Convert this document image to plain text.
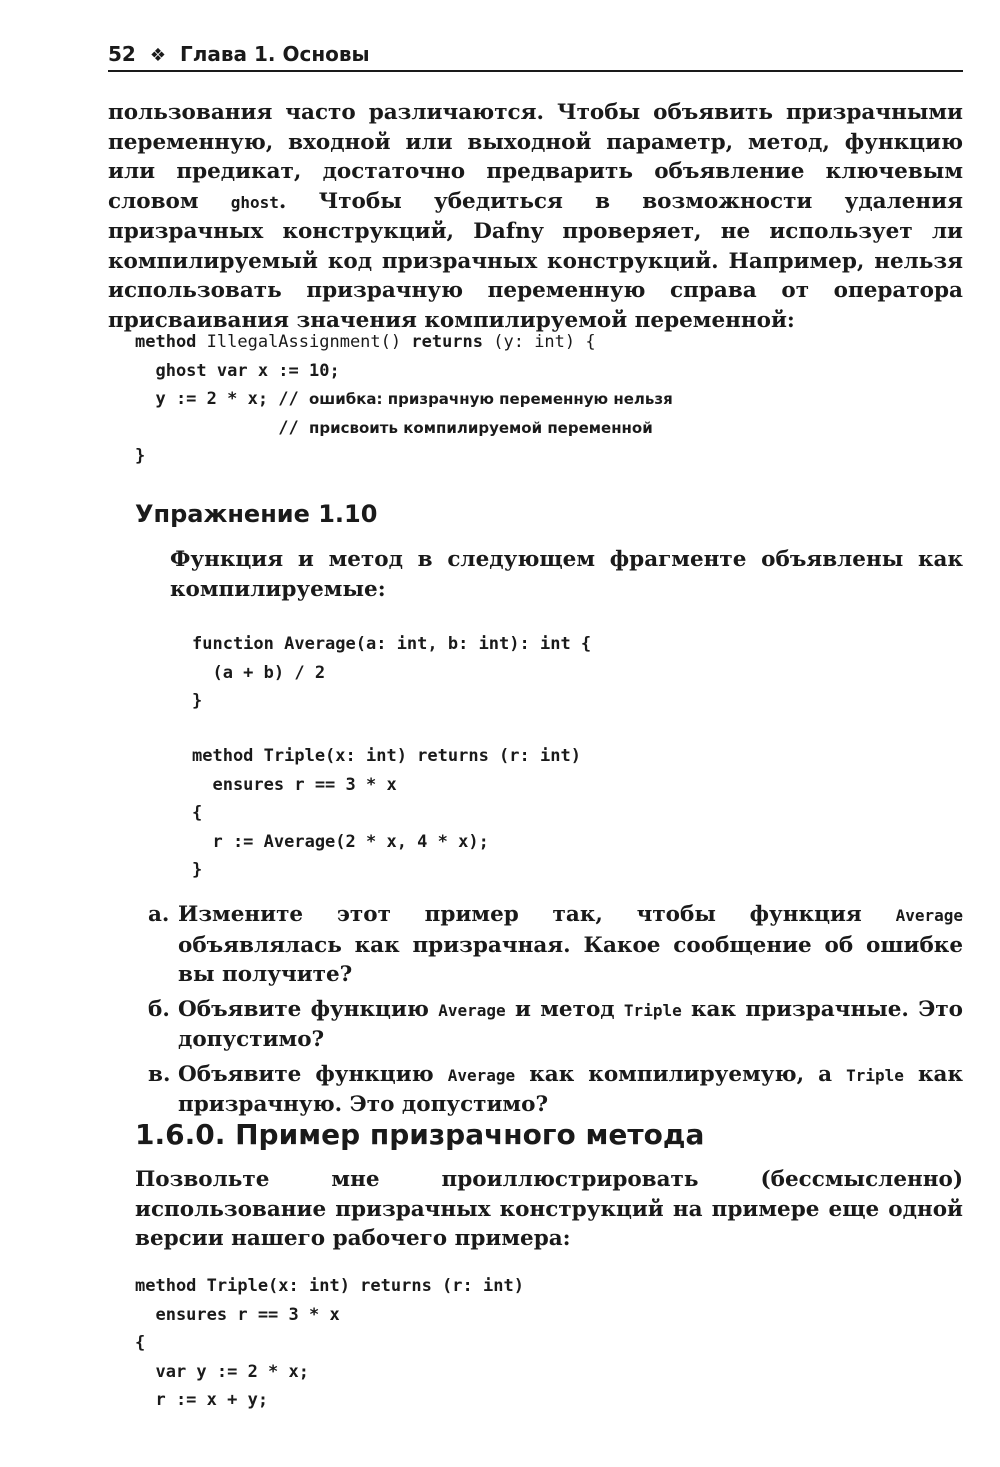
52 ❖ Глава 1. Основы

пользования часто различаются. Чтобы объявить призрачными переменную, входной или выходной параметр, метод, функцию или предикат, достаточно предварить объявление ключевым словом ghost. Чтобы убедиться в возможности удаления призрачных конструкций, Dafny проверяет, не использует ли компилируемый код призрачных конструкций. Например, нельзя использовать призрачную переменную справа от оператора присваивания значения компилируемой переменной:

method IllegalAssignment() returns (y: int) {
ghost var x := 10;
y := 2 * x; // ошибка: призрачную переменную нельзя
// присвоить компилируемой переменной
}
Упражнение 1.10

Функция и метод в следующем фрагменте объявлены как компилируемые:

function Average(a: int, b: int): int {
(a + b) / 2
}
method Triple(x: int) returns (r: int)
ensures r == 3 * x
{
r := Average(2 * x, 4 * x);
}
а. Измените этот пример так, чтобы функция Average объявлялась как призрачная. Какое сообщение об ошибке вы получите?
б. Объявите функцию Average и метод Triple как призрачные. Это допустимо?
в. Объявите функцию Average как компилируемую, а Triple как призрачную. Это допустимо?
1.6.0. Пример призрачного метода

Позвольте мне проиллюстрировать (бессмысленно) использование призрачных конструкций на примере еще одной версии нашего рабочего примера:

method Triple(x: int) returns (r: int)
ensures r == 3 * x
{
var y := 2 * x;
r := x + y;
